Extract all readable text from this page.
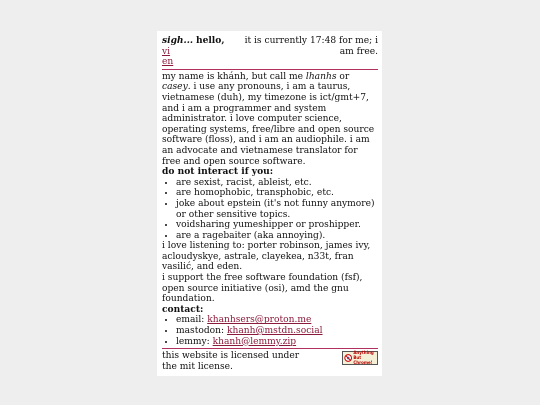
sigh... hello, vi
en
it is currently 17:48 for me; i am free.

my name is khánh, but call me lhanhs or casey. i use any pronouns, i am a taurus, vietnamese (duh), my timezone is ict/gmt+7, and i am a programmer and system administrator. i love computer science, operating systems, free/libre and open source software (floss), and i am an audiophile. i am an advocate and vietnamese translator for free and open source software.

do not interact if you:
• are sexist, racist, ableist, etc.
• are homophobic, transphobic, etc.
• joke about epstein (it's not funny anymore) or other sensitive topics.
• voidsharing yumeshipper or proshipper.
• are a ragebaiter (aka annoying).

i love listening to: porter robinson, james ivy, acloudyskye, astrale, clayekea, n33t, fran vasilić, and eden.

i support the free software foundation (fsf), open source initiative (osi), amd the gnu foundation.

contact:
• email: khanhsers@proton.me
• mastodon: khanh@mstdn.social
• lemmy: khanh@lemmy.zip
this website is licensed under the mit license.
Anything
But Chrome!
